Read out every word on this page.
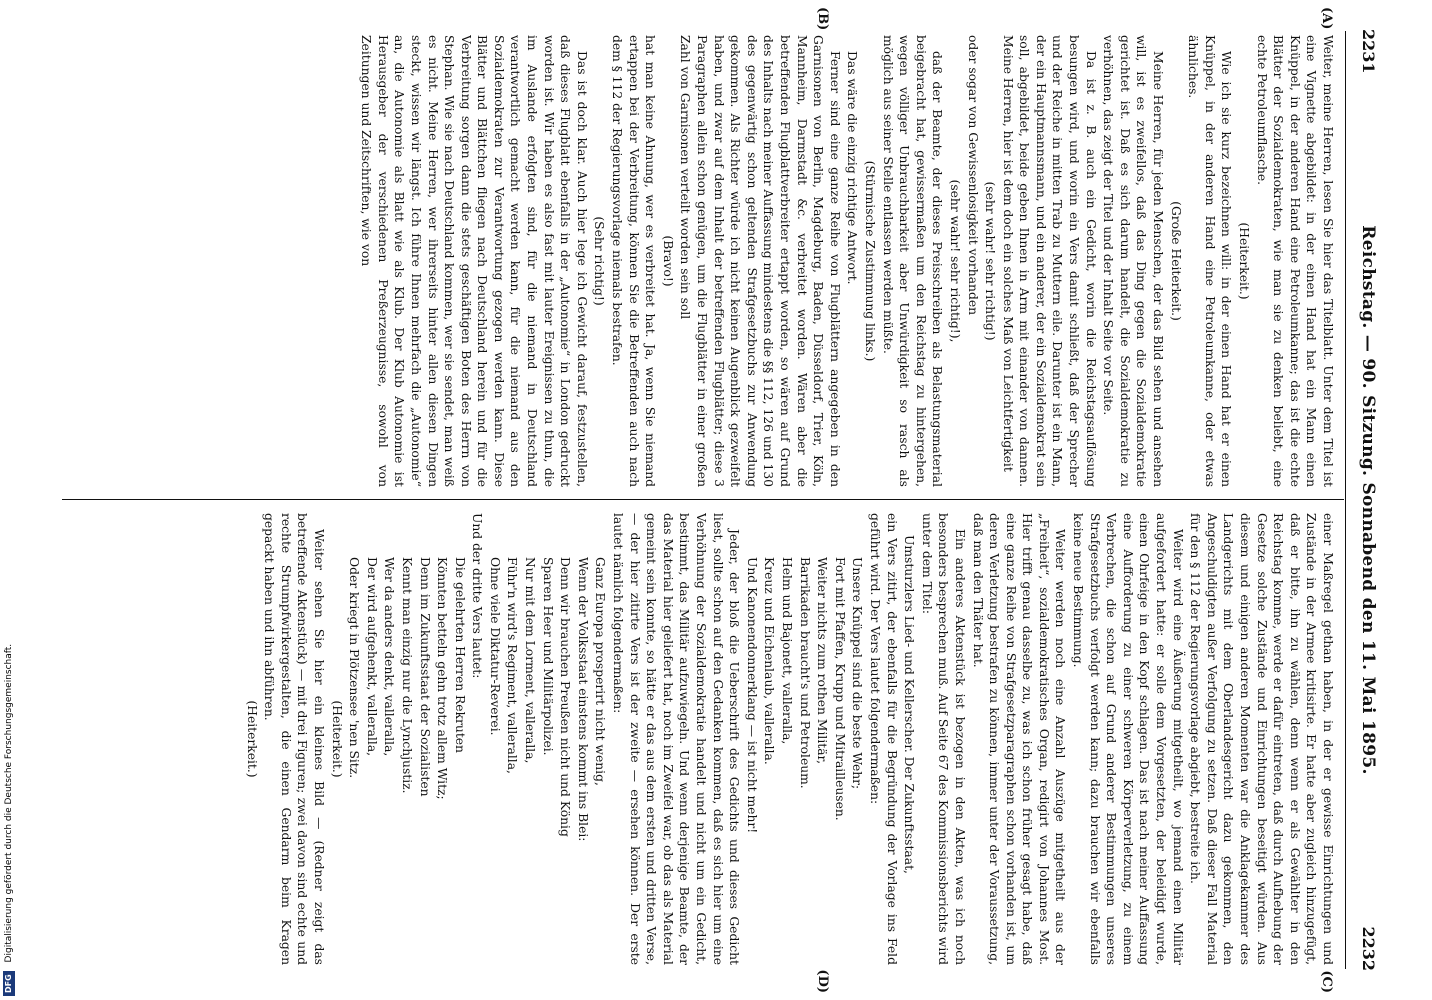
2231
Reichstag. — 90. Sitzung. Sonnabend den 11. Mai 1895.
2232
(C)
(D)
(A)
(B)

Weiter, meine Herren, lesen Sie hier das Titelblatt. Unter dem Titel ist eine Vignette abgebildet: in der einen Hand hat ein Mann einen Knüppel, in der anderen Hand eine Petroleumkanne; das ist die echte Blätter der Sozialdemokraten, wie man sie zu denken beliebt, eine echte Petroleumflasche.

(Heiterkeit.)

Wie ich sie kurz bezeichnen will: in der einen Hand hat er einen Knüppel, in der anderen Hand eine Petroleumkanne, oder etwas ähnliches.

(Große Heiterkeit.)

Meine Herren, für jeden Menschen, der das Bild sehen und ansehen will, ist es zweifellos, daß das Ding gegen die Sozialdemokratie gerichtet ist. Daß es sich darum handelt, die Sozialdemokratie zu verhöhnen, das zeigt der Titel und der Inhalt Seite vor Seite.

Da ist z. B. auch ein Gedicht, worin die Reichstagsauflösung besungen wird, und worin ein Vers damit schließt, daß der Sprecher und der Reiche in mitten Trab zu Muttern eile. Darunter ist ein Mann, der ein Hauptmannsmann, und ein anderer, der ein Sozialdemokrat sein soll, abgebildet, beide geben Ihnen in Arm mit einander von dannen. Meine Herren, hier ist dem doch ein solches Maß von Leichtfertigkeit

(sehr wahr! sehr richtig!)

oder sogar von Gewissenlosigkeit vorhanden

(sehr wahr! sehr richtig!),

daß der Beamte, der dieses Preisschreiben als Belastungsmaterial beigebracht hat, gewissermaßen um den Reichstag zu hintergehen, wegen völliger Unbrauchbarkeit aber Unwürdigkeit so rasch als möglich aus seiner Stelle entlassen werden müßte.

(Stürmische Zustimmung links.)

Das wäre die einzig richtige Antwort.

Ferner sind eine ganze Reihe von Flugblättern angegeben in den Garnisonen von Berlin, Magdeburg, Baden, Düsseldorf, Trier, Köln, Mannheim, Darmstadt &c. verbreitet worden. Wären aber die betreffenden Flugblattverbreiter ertappt worden, so wären auf Grund des Inhalts nach meiner Auffassung mindestens die §§ 112, 126 und 130 des gegenwärtig schon geltenden Strafgesetzbuchs zur Anwendung gekommen. Als Richter würde ich nicht keinen Augenblick gezweifelt haben, und zwar auf dem Inhalt der betreffenden Flugblätter; diese 3 Paragraphen allein schon genügen, um die Flugblätter in einer großen Zahl von Garnisonen verteilt worden sein soll

(Bravo!)

hat man keine Ahnung, wer es verbreitet hat. Ja, wenn Sie niemand ertappen bei der Verbreitung, können Sie die Betreffenden auch nach dem § 112 der Regierungsvorlage niemals bestrafen.

(Sehr richtig!)

Das ist doch klar. Auch hier lege ich Gewicht darauf, festzustellen, daß dieses Flugblatt ebenfalls in der „Autonomie“ in London gedruckt worden ist. Wir haben es also fast mit lauter Ereignissen zu thun, die im Auslande erfolgten sind, für die niemand in Deutschland verantwortlich gemacht werden kann, für die niemand aus den Sozialdemokraten zur Verantwortung gezogen werden kann. Diese Blätter und Blättchen fliegen nach Deutschland herein und für die Verbreitung sorgen dann die stets geschäftigen Boten des Herrn von Stephan. Wie sie nach Deutschland kommen, wer sie sendet, man weiß es nicht. Meine Herren, wer ihrerseits hinter allen diesen Dingen steckt, wissen wir längst. Ich führe Ihnen mehrfach die „Autonomie“ an, die Autonomie als Blatt wie als Klub. Der Klub Autonomie ist Herausgeber der verschiedenen Preßerzeugnisse, sowohl von Zeitungen und Zeitschriften, wie von

einer Maßregel gethan haben, in der er gewisse Einrichtungen und Zustände in der Armee kritisirte. Er hatte aber zugleich hinzugefügt, daß er bitte, ihn zu wählen, denn wenn er als Gewählter in den Reichstag komme, werde er dafür eintreten, daß durch Aufhebung der Gesetze solche Zustände und Einrichtungen beseitigt würden. Aus diesem und einigen anderen Momenten war die Anklagekammer des Landgerichts mit dem Oberlandesgericht dazu gekommen, den Angeschuldigten außer Verfolgung zu setzen. Daß dieser Fall Material für den § 112 der Regierungsvorlage abgiebt, bestreite ich.

Weiter wird eine Äußerung mitgetheilt, wo jemand einen Militär aufgefordert hatte: er solle dem Vorgesetzten, der beleidigt wurde, einen Ohrfeige in den Kopf schlagen. Das ist nach meiner Auffassung eine Aufforderung zu einer schweren Körperverletzung, zu einem Verbrechen, die schon auf Grund anderer Bestimmungen unseres Strafgesetzbuchs verfolgt werden kann; dazu brauchen wir ebenfalls keine neue Bestimmung.

Weiter werden noch eine Anzahl Auszüge mitgetheilt aus der „Freiheit“, sozialdemokratisches Organ, redigirt von Johannes Most. Hier trifft genau dasselbe zu, was ich schon früher gesagt habe, daß eine ganze Reihe von Strafgesetzparagraphen schon vorhanden ist, um deren Verletzung bestrafen zu können, immer unter der Voraussetzung, daß man den Thäter hat.

Ein anderes Aktenstück ist bezogen in den Akten, was ich noch besonders besprechen muß. Auf Seite 67 des Kommissionsberichts wird unter dem Titel:

Umsturzlers Lied- und Kellerscher. Der Zukunftsstaat,

ein Vers zitirt, der ebenfalls für die Begründung der Vorlage ins Feld geführt wird. Der Vers lautet folgendermaßen:

Unsere Knüppel sind die beste Wehr;

Fort mit Pfaffen, Krupp und Mitrailleusen.

Weiter nichts zum rothen Militär,

Barrikaden braucht's und Petroleum.

Helm und Bajonett, valleralla,

Kreuz und Eichenlaub, valleralla.

Und Kanonendonnerklang — ist nicht mehr!

Jeder, der bloß die Ueberschrift des Gedichts und dieses Gedicht liest, sollte schon auf den Gedanken kommen, daß es sich hier um eine Verhöhnung der Sozialdemokratie handelt und nicht um ein Gedicht, bestimmt, das Militär aufzuwiegeln. Und wenn derjenige Beamte, der das Material hier geliefert hat, noch im Zweifel war, ob das als Material gemeint sein konnte, so hätte er das aus dem ersten und dritten Verse, — der hier zitirte Vers ist der zweite — ersehen können. Der erste lautet nämlich folgendermaßen:

Ganz Europa prosperirt nicht wenig,

Wenn der Volksstaat einstens kommt ins Blei:

Denn wir brauchen Preußen nicht und König

Sparen Heer und Militärpolizei.

Nur mit dem Lorment, valleralla,

Führ'n wird's Regiment, valleralla,

Ohne viele Diktatur-Reverei.

Und der dritte Vers lautet:

Die gelehrten Herren Rekruten

Könnten betteln gehn trotz allem Witz;

Denn im Zukunftsstaat der Sozialisten

Kennt man einzig nur die Lynchjustiz.

Wer da anders denkt, valleralla,

Der wird aufgehenkt, valleralla,

Oder kriegt in Plötzensee 'nen Sitz.

(Heiterkeit.)

Weiter sehen Sie hier ein kleines Bild — (Redner zeigt das betreffende Aktenstück) — mit drei Figuren; zwei davon sind echte und rechte Strumpfwirkergestalten, die einen Gendarm beim Kragen gepackt haben und ihn abführen.

(Heiterkeit.)

DFG Digitalisierung gefördert durch die Deutsche Forschungsgemeinschaft.
